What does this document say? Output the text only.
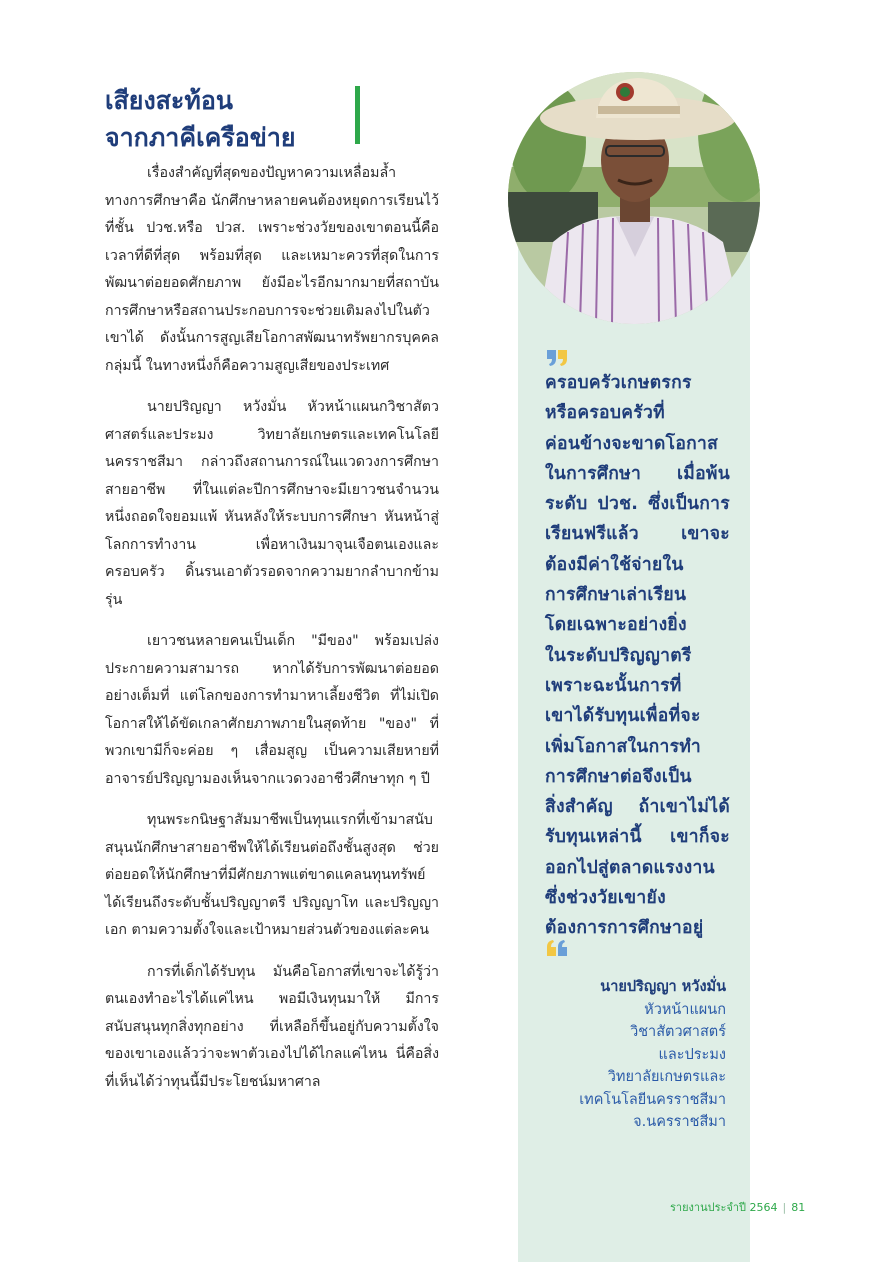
เสียงสะท้อน
จากภาคีเครือข่าย

เรื่องสำคัญที่สุดของปัญหาความเหลื่อมล้ำทางการศึกษาคือ นักศึกษาหลายคนต้องหยุดการเรียนไว้ที่ชั้น ปวช.หรือ ปวส. เพราะช่วงวัยของเขาตอนนี้คือเวลาที่ดีที่สุด พร้อมที่สุด และเหมาะควรที่สุดในการพัฒนาต่อยอดศักยภาพ ยังมีอะไรอีกมากมายที่สถาบันการศึกษาหรือสถานประกอบการจะช่วยเติมลงไปในตัวเขาได้ ดังนั้นการสูญเสียโอกาสพัฒนาทรัพยากรบุคคลกลุ่มนี้ ในทางหนึ่งก็คือความสูญเสียของประเทศ

นายปริญญา หวังมั่น หัวหน้าแผนกวิชาสัตวศาสตร์และประมง วิทยาลัยเกษตรและเทคโนโลยีนครราชสีมา กล่าวถึงสถานการณ์ในแวดวงการศึกษาสายอาชีพ ที่ในแต่ละปีการศึกษาจะมีเยาวชนจำนวนหนึ่งถอดใจยอมแพ้ หันหลังให้ระบบการศึกษา หันหน้าสู่โลกการทำงาน เพื่อหาเงินมาจุนเจือตนเองและครอบครัว ดิ้นรนเอาตัวรอดจากความยากลำบากข้ามรุ่น

เยาวชนหลายคนเป็นเด็ก "มีของ" พร้อมเปล่งประกายความสามารถ หากได้รับการพัฒนาต่อยอดอย่างเต็มที่ แต่โลกของการทำมาหาเลี้ยงชีวิต ที่ไม่เปิดโอกาสให้ได้ขัดเกลาศักยภาพภายในสุดท้าย "ของ" ที่พวกเขามีก็จะค่อย ๆ เสื่อมสูญ เป็นความเสียหายที่อาจารย์ปริญญามองเห็นจากแวดวงอาชีวศึกษาทุก ๆ ปี

ทุนพระกนิษฐาสัมมาชีพเป็นทุนแรกที่เข้ามาสนับสนุนนักศึกษาสายอาชีพให้ได้เรียนต่อถึงชั้นสูงสุด ช่วยต่อยอดให้นักศึกษาที่มีศักยภาพแต่ขาดแคลนทุนทรัพย์ ได้เรียนถึงระดับชั้นปริญญาตรี ปริญญาโท และปริญญาเอก ตามความตั้งใจและเป้าหมายส่วนตัวของแต่ละคน

การที่เด็กได้รับทุน มันคือโอกาสที่เขาจะได้รู้ว่าตนเองทำอะไรได้แค่ไหน พอมีเงินทุนมาให้ มีการสนับสนุนทุกสิ่งทุกอย่าง ที่เหลือก็ขึ้นอยู่กับความตั้งใจของเขาเองแล้วว่าจะพาตัวเองไปได้ไกลแค่ไหน นี่คือสิ่งที่เห็นได้ว่าทุนนี้มีประโยชน์มหาศาล

ครอบครัวเกษตรกร
หรือครอบครัวที่
ค่อนข้างจะขาดโอกาส
ในการศึกษา เมื่อพ้น
ระดับ ปวช. ซึ่งเป็นการ
เรียนฟรีแล้ว เขาจะ
ต้องมีค่าใช้จ่ายใน
การศึกษาเล่าเรียน
โดยเฉพาะอย่างยิ่ง
ในระดับปริญญาตรี
เพราะฉะนั้นการที่
เขาได้รับทุนเพื่อที่จะ
เพิ่มโอกาสในการทำ
การศึกษาต่อจึงเป็น
สิ่งสำคัญ ถ้าเขาไม่ได้
รับทุนเหล่านี้ เขาก็จะ
ออกไปสู่ตลาดแรงงาน
ซึ่งช่วงวัยเขายัง
ต้องการการศึกษาอยู่
นายปริญญา หวังมั่น
หัวหน้าแผนก
วิชาสัตวศาสตร์
และประมง
วิทยาลัยเกษตรและ
เทคโนโลยีนครราชสีมา
จ.นครราชสีมา
รายงานประจำปี 2564 | 81
